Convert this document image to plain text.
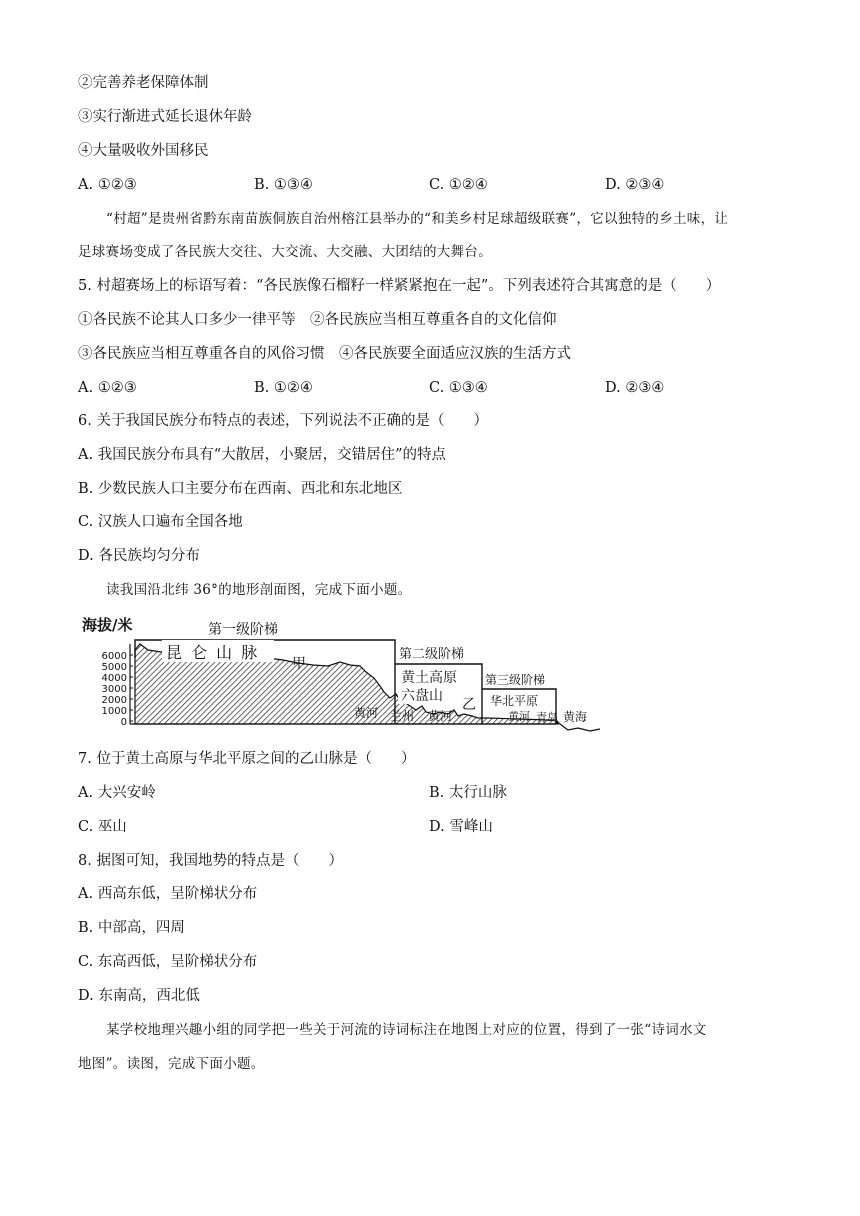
②完善养老保障体制
③实行渐进式延长退休年龄
④大量吸收外国移民
A. ①②③	B. ①③④	C. ①②④	D. ②③④
“村超”是贵州省黔东南苗族侗族自治州榕江县举办的“和美乡村足球超级联赛”，它以独特的乡土味，让
足球赛场变成了各民族大交往、大交流、大交融、大团结的大舞台。
5. 村超赛场上的标语写着：“各民族像石榴籽一样紧紧抱在一起”。下列表述符合其寓意的是（　　）
①各民族不论其人口多少一律平等　②各民族应当相互尊重各自的文化信仰
③各民族应当相互尊重各自的风俗习惯　④各民族要全面适应汉族的生活方式
A. ①②③	B. ①②④	C. ①③④	D. ②③④
6. 关于我国民族分布特点的表述，下列说法不正确的是（　　）
A. 我国民族分布具有“大散居，小聚居，交错居住”的特点
B. 少数民族人口主要分布在西南、西北和东北地区
C. 汉族人口遍布全国各地
D. 各民族均匀分布
读我国沿北纬 36°的地形剖面图，完成下面小题。
海拔/米
6000
5000
4000
3000
2000
1000
0
第一级阶梯
第二级阶梯
第三级阶梯
昆 仑 山 脉
甲
黄土高原
六盘山
乙 华北平原
黄河 兰州 黄河	黄河 青岛 黄海
7. 位于黄土高原与华北平原之间的乙山脉是（　　）
A. 大兴安岭	B. 太行山脉
C. 巫山	D. 雪峰山
8. 据图可知，我国地势的特点是（　　）
A. 西高东低，呈阶梯状分布
B. 中部高，四周
C. 东高西低，呈阶梯状分布
D. 东南高，西北低
某学校地理兴趣小组的同学把一些关于河流的诗词标注在地图上对应的位置，得到了一张“诗词水文
地图”。读图，完成下面小题。
